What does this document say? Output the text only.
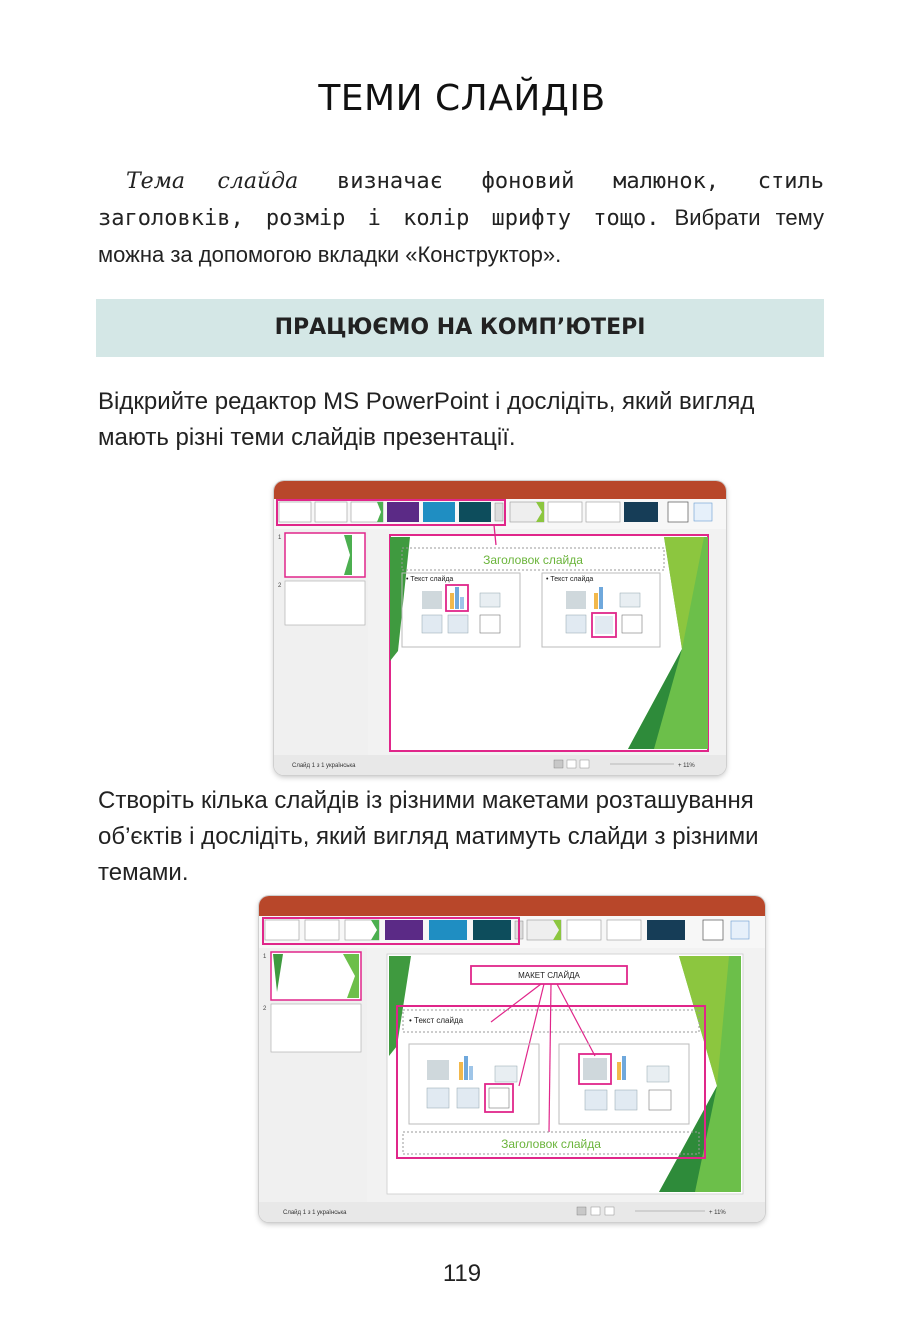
ТЕМИ СЛАЙДІВ

Тема слайда визначає фоновий малюнок, стиль заголовків, розмір і колір шрифту тощо. Вибрати тему можна за допомогою вкладки «Конструктор».

ПРАЦЮЄМО НА КОМП’ЮТЕРІ

Відкрийте редактор MS PowerPoint і дослідіть, який вигляд мають різні теми слайдів презентації.

1
2
Заголовок слайда
• Текст слайда	• Текст слайда
Слайд 1 з 1 українська	+ 11%

Створіть кілька слайдів із різними макетами розташування об’єктів і дослідіть, який вигляд матимуть слайди з різними темами.

1
2
МАКЕТ СЛАЙДА
• Текст слайда
Заголовок слайда
Слайд 1 з 1 українська	+ 11%
119
